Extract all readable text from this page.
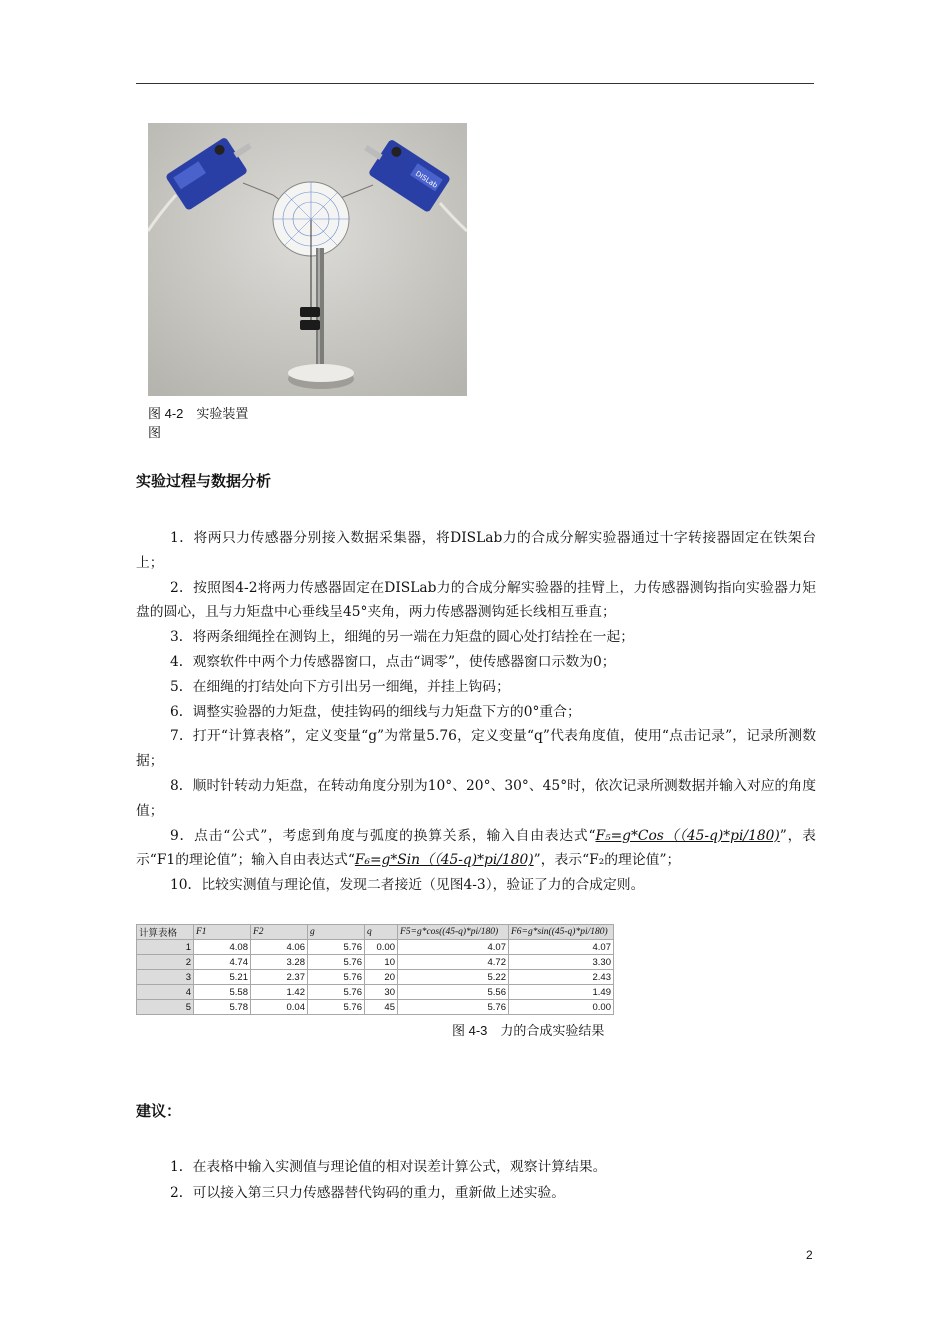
DISLab
图 4-2　实验装置
图
实验过程与数据分析

1．将两只力传感器分别接入数据采集器，将DISLab力的合成分解实验器通过十字转接器固定在铁架台上；

2．按照图4-2将两力传感器固定在DISLab力的合成分解实验器的挂臂上，力传感器测钩指向实验器力矩盘的圆心，且与力矩盘中心垂线呈45°夹角，两力传感器测钩延长线相互垂直；

3．将两条细绳拴在测钩上，细绳的另一端在力矩盘的圆心处打结拴在一起；

4．观察软件中两个力传感器窗口，点击“调零”，使传感器窗口示数为0；

5．在细绳的打结处向下方引出另一细绳，并挂上钩码；

6．调整实验器的力矩盘，使挂钩码的细线与力矩盘下方的0°重合；

7．打开“计算表格”，定义变量“g”为常量5.76，定义变量“q”代表角度值，使用“点击记录”，记录所测数据；

8．顺时针转动力矩盘，在转动角度分别为10°、20°、30°、45°时，依次记录所测数据并输入对应的角度值；

9．点击“公式”，考虑到角度与弧度的换算关系，输入自由表达式“F₅=g*Cos（（45-q)*pi/180)”，表示“F1的理论值”；输入自由表达式“F₆=g*Sin（（45-q)*pi/180)”，表示“F₂的理论值”；

10．比较实测值与理论值，发现二者接近（见图4-3），验证了力的合成定则。

计算表格	F1	F2	g	q	F5=g*cos((45-q)*pi/180)	F6=g*sin((45-q)*pi/180)
1	4.08	4.06	5.76	0.00	4.07	4.07
2	4.74	3.28	5.76	10	4.72	3.30
3	5.21	2.37	5.76	20	5.22	2.43
4	5.58	1.42	5.76	30	5.56	1.49
5	5.78	0.04	5.76	45	5.76	0.00
图 4-3　力的合成实验结果
建议：

1．在表格中输入实测值与理论值的相对误差计算公式，观察计算结果。

2．可以接入第三只力传感器替代钩码的重力，重新做上述实验。

2
